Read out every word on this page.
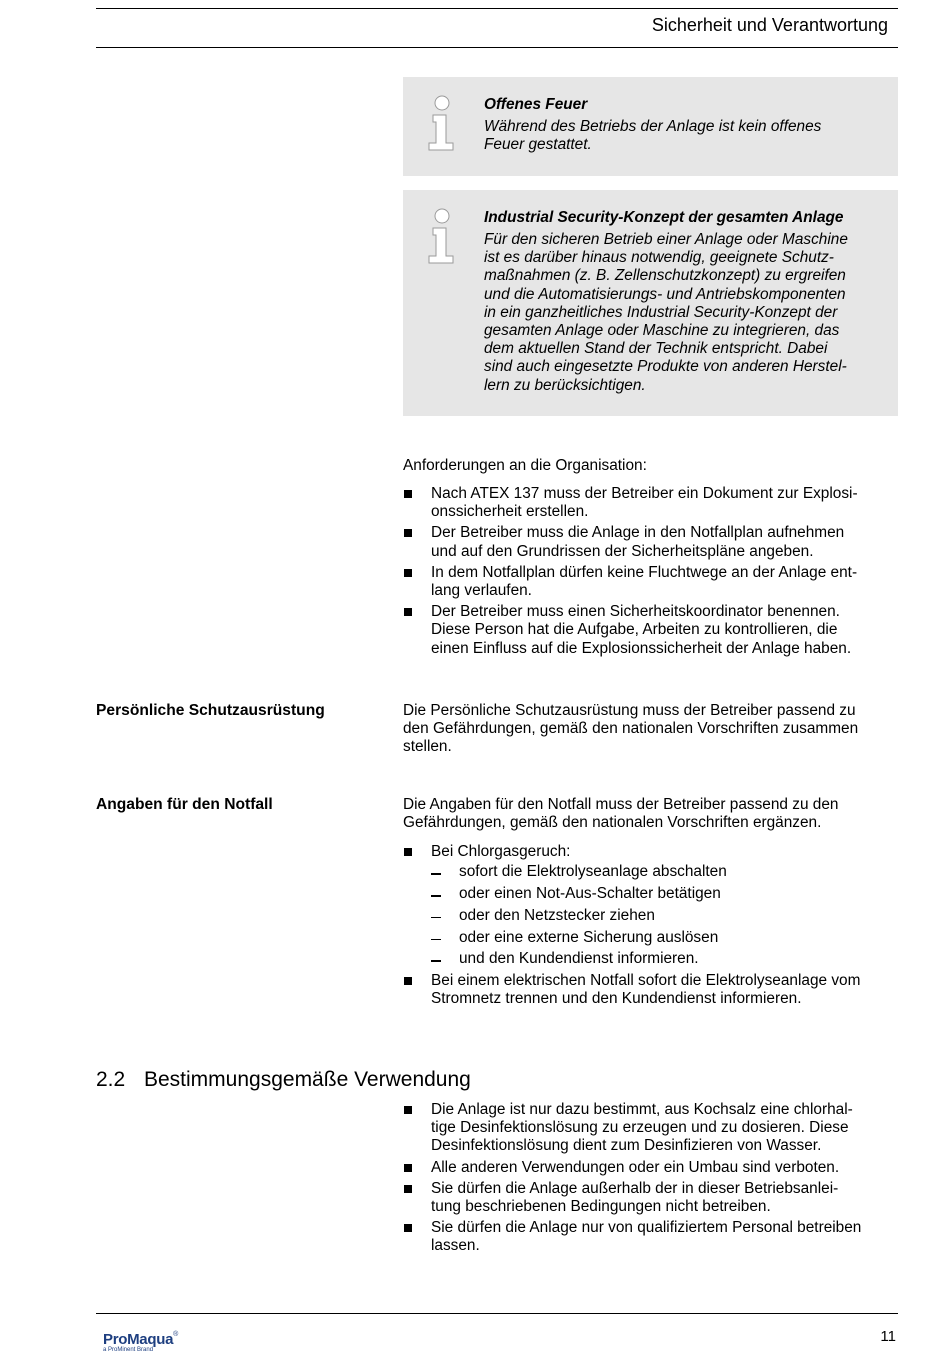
Sicherheit und Verantwortung
Offenes Feuer
Während des Betriebs der Anlage ist kein offenes
Feuer gestattet.
Industrial Security-Konzept der gesamten Anlage
Für den sicheren Betrieb einer Anlage oder Maschine
ist es darüber hinaus notwendig, geeignete Schutz-
maßnahmen (z. B. Zellenschutzkonzept) zu ergreifen
und die Automatisierungs- und Antriebskomponenten
in ein ganzheitliches Industrial Security-Konzept der
gesamten Anlage oder Maschine zu integrieren, das
dem aktuellen Stand der Technik entspricht. Dabei
sind auch eingesetzte Produkte von anderen Herstel-
lern zu berücksichtigen.
Anforderungen an die Organisation:
Nach ATEX 137 muss der Betreiber ein Dokument zur Explosi-
onssicherheit erstellen.
Der Betreiber muss die Anlage in den Notfallplan aufnehmen
und auf den Grundrissen der Sicherheitspläne angeben.
In dem Notfallplan dürfen keine Fluchtwege an der Anlage ent-
lang verlaufen.
Der Betreiber muss einen Sicherheitskoordinator benennen.
Diese Person hat die Aufgabe, Arbeiten zu kontrollieren, die
einen Einfluss auf die Explosionssicherheit der Anlage haben.
Persönliche Schutzausrüstung	Die Persönliche Schutzausrüstung muss der Betreiber passend zu
den Gefährdungen, gemäß den nationalen Vorschriften zusammen
stellen.
Angaben für den Notfall	Die Angaben für den Notfall muss der Betreiber passend zu den
Gefährdungen, gemäß den nationalen Vorschriften ergänzen.
Bei Chlorgasgeruch:
sofort die Elektrolyseanlage abschalten
oder einen Not-Aus-Schalter betätigen
oder den Netzstecker ziehen
oder eine externe Sicherung auslösen
und den Kundendienst informieren.
Bei einem elektrischen Notfall sofort die Elektrolyseanlage vom
Stromnetz trennen und den Kundendienst informieren.
2.2 Bestimmungsgemäße Verwendung
Die Anlage ist nur dazu bestimmt, aus Kochsalz eine chlorhal-
tige Desinfektionslösung zu erzeugen und zu dosieren. Diese
Desinfektionslösung dient zum Desinfizieren von Wasser.
Alle anderen Verwendungen oder ein Umbau sind verboten.
Sie dürfen die Anlage außerhalb der in dieser Betriebsanlei-
tung beschriebenen Bedingungen nicht betreiben.
Sie dürfen die Anlage nur von qualifiziertem Personal betreiben
lassen.
ProMaqua®
a ProMinent Brand
11
